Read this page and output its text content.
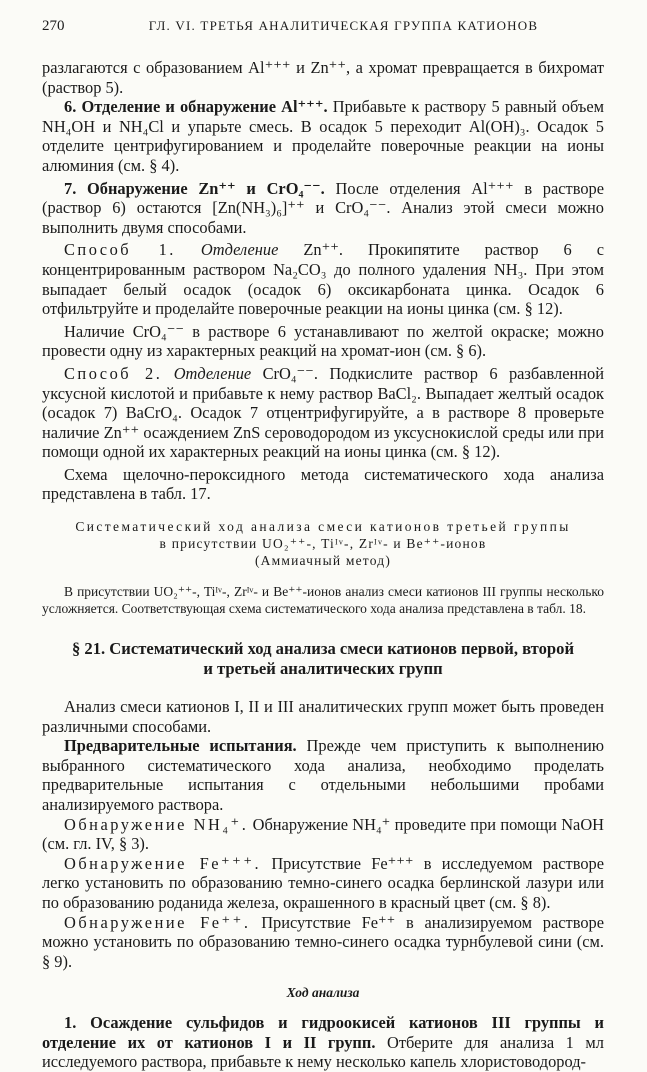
270	ГЛ. VI. ТРЕТЬЯ АНАЛИТИЧЕСКАЯ ГРУППА КАТИОНОВ

разлагаются с образованием Al⁺⁺⁺ и Zn⁺⁺, а хромат превращается в бихромат (раствор 5).

6. Отделение и обнаружение Al⁺⁺⁺. Прибавьте к раствору 5 равный объем NH₄OH и NH₄Cl и упарьте смесь. В осадок 5 переходит Al(OH)₃. Осадок 5 отделите центрифугированием и проделайте поверочные реакции на ионы алюминия (см. § 4).

7. Обнаружение Zn⁺⁺ и CrO₄⁻⁻. После отделения Al⁺⁺⁺ в растворе (раствор 6) остаются [Zn(NH₃)₆]⁺⁺ и CrO₄⁻⁻. Анализ этой смеси можно выполнить двумя способами.

Способ 1. Отделение Zn⁺⁺. Прокипятите раствор 6 с концентрированным раствором Na₂CO₃ до полного удаления NH₃. При этом выпадает белый осадок (осадок 6) оксикарбоната цинка. Осадок 6 отфильтруйте и проделайте поверочные реакции на ионы цинка (см. § 12).

Наличие CrO₄⁻⁻ в растворе 6 устанавливают по желтой окраске; можно провести одну из характерных реакций на хромат-ион (см. § 6).

Способ 2. Отделение CrO₄⁻⁻. Подкислите раствор 6 разбавленной уксусной кислотой и прибавьте к нему раствор BaCl₂. Выпадает желтый осадок (осадок 7) BaCrO₄. Осадок 7 отцентрифугируйте, а в растворе 8 проверьте наличие Zn⁺⁺ осаждением ZnS сероводородом из уксуснокислой среды или при помощи одной их характерных реакций на ионы цинка (см. § 12).

Схема щелочно-пероксидного метода систематического хода анализа представлена в табл. 17.

Систематический ход анализа смеси катионов третьей группы
в присутствии UO₂⁺⁺-, Tiᴵᵛ-, Zrᴵᵛ- и Be⁺⁺-ионов
(Аммиачный метод)

В присутствии UO₂⁺⁺-, Tiᴵᵛ-, Zrᴵᵛ- и Be⁺⁺-ионов анализ смеси катионов III группы несколько усложняется. Соответствующая схема систематического хода анализа представлена в табл. 18.

§ 21. Систематический ход анализа смеси катионов первой, второй
и третьей аналитических групп

Анализ смеси катионов I, II и III аналитических групп может быть проведен различными способами.

Предварительные испытания. Прежде чем приступить к выполнению выбранного систематического хода анализа, необходимо проделать предварительные испытания с отдельными небольшими пробами анализируемого раствора.

Обнаружение NH₄⁺. Обнаружение NH₄⁺ проведите при помощи NaOH (см. гл. IV, § 3).

Обнаружение Fe⁺⁺⁺. Присутствие Fe⁺⁺⁺ в исследуемом растворе легко установить по образованию темно-синего осадка берлинской лазури или по образованию роданида железа, окрашенного в красный цвет (см. § 8).

Обнаружение Fe⁺⁺. Присутствие Fe⁺⁺ в анализируемом растворе можно установить по образованию темно-синего осадка турнбулевой сини (см. § 9).

Ход анализа

1. Осаждение сульфидов и гидроокисей катионов III группы и отделение их от катионов I и II групп. Отберите для анализа 1 мл исследуемого раствора, прибавьте к нему несколько капель хлористоводород-
